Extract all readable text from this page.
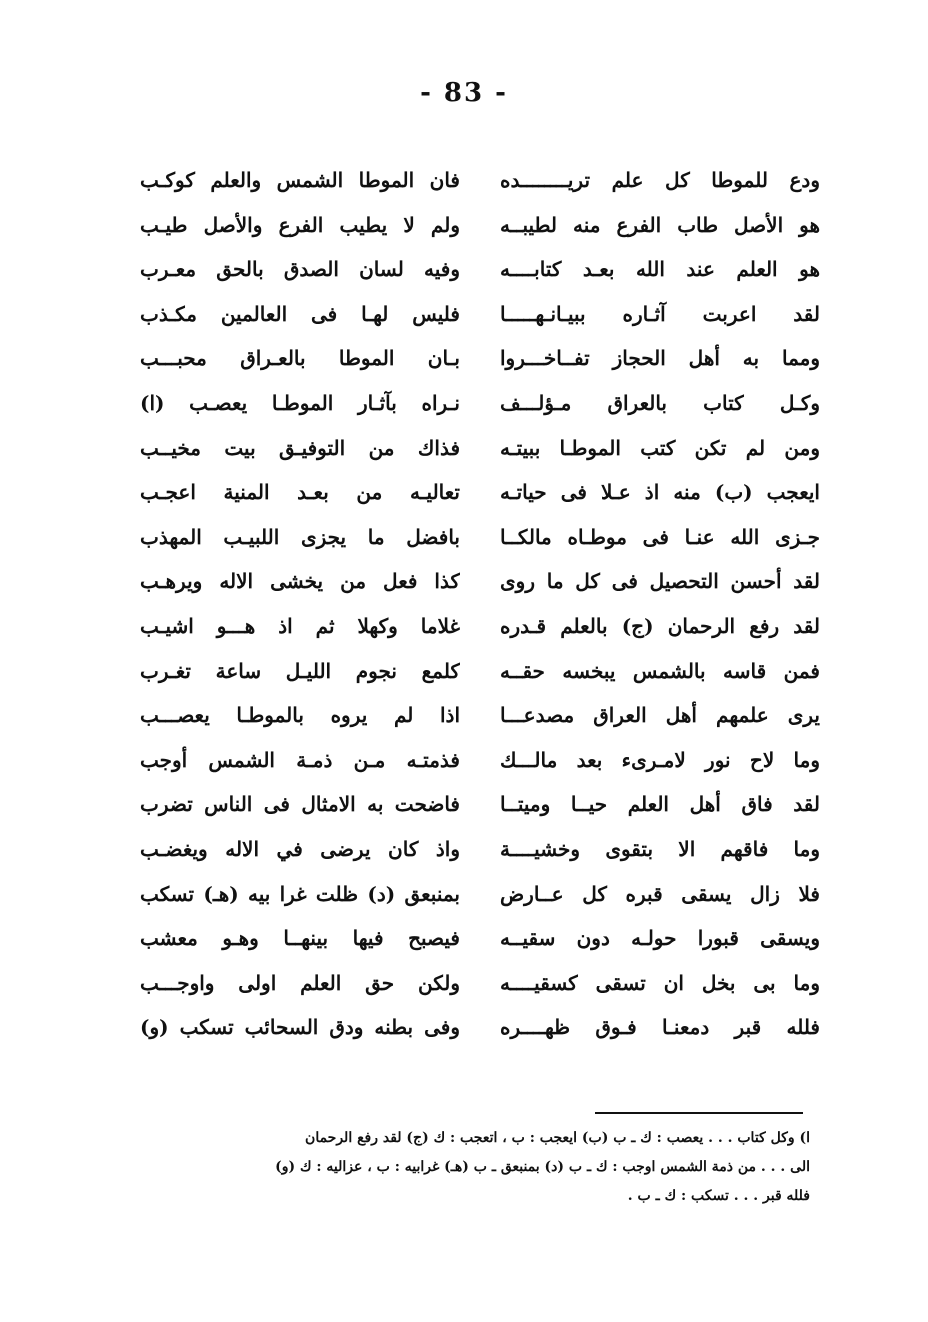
- 83 -
ودع للموطا كل علم تريــــــــده
هو الأصل طاب الفرع منه لطيبــه
هو العلم عند الله بعـد كتابــــه
لقد اعربت آثـاره ببيـانـهـــــا
ومما به أهل الحجاز تفــاخـــروا
وكـل كتاب بالعراق مـؤلـــف
ومن لم تكن كتب الموطـا ببيتـه
ايعجب (ب) منه اذ عـلا فى حياتـه
جـزى الله عنـا فى موطـاه مالكــا
لقد أحسن التحصيل فى كل ما روى
لقد رفع الرحمان (ج) بالعلم قـدره
فمن قاسه بالشمس يبخسه حقــه
يرى علمهم أهل العراق مصدعـــا
وما لاح نور لامـرىء بعد مالـــك
لقد فاق أهل العلم حيــا وميتــا
وما فاقهم الا بتقوى وخشيــــة
فلا زال يسقى قبره كل عــارض
ويسقى قبورا حولـه دون سقيــه
وما بى بخل ان تسقى كسقيــــه
فلله قبر دمعنـا فـوق ظهــــره
فان الموطا الشمس والعلم كوكـب
ولم لا يطيب الفرع والأصل طيـب
وفيه لسان الصدق بالحق معـرب
فليس لهـا فى العالمين مكـذب
بـان الموطا بالعـراق محبـــب
نـراه بآثـار الموطـا يعصـب (ا)
فذاك من التوفيـق بيت مخيــب
تعاليـه من بعـد المنية اعجـب
بافضل ما يجزى اللبيـب المهذب
كذا فعل من يخشى الاله ويرهـب
غلاما وكهلا ثم اذ هـــو اشيـب
كلمع نجوم الليـل ساعة تغـرب
اذا لم يروه بالموطـا يعصـــب
فذمتـه مـن ذمـة الشمس أوجب
فاضحت به الامثال فى الناس تضرب
واذ كان يرضى في الاله ويغضـب
بمنبعق (د) ظلت غرا بيه (هـ) تسكب
فيصبح فيها بينهــا وهـو معشب
ولكن حق العلم اولى واوجـــب
وفى بطنه ودق السحائب تسكب (و)
ا) وكل كتاب . . . يعصب : ك ـ ب (ب) ايعجب : ب ، اتعجب : ك (ج) لقد رفع الرحمان
الى . . . من ذمة الشمس اوجب : ك ـ ب (د) بمنبعق ـ ب (هـ) غرابيه : ب ، عزاليه : ك (و)
فلله قبر . . . تسكب : ك ـ ب .
